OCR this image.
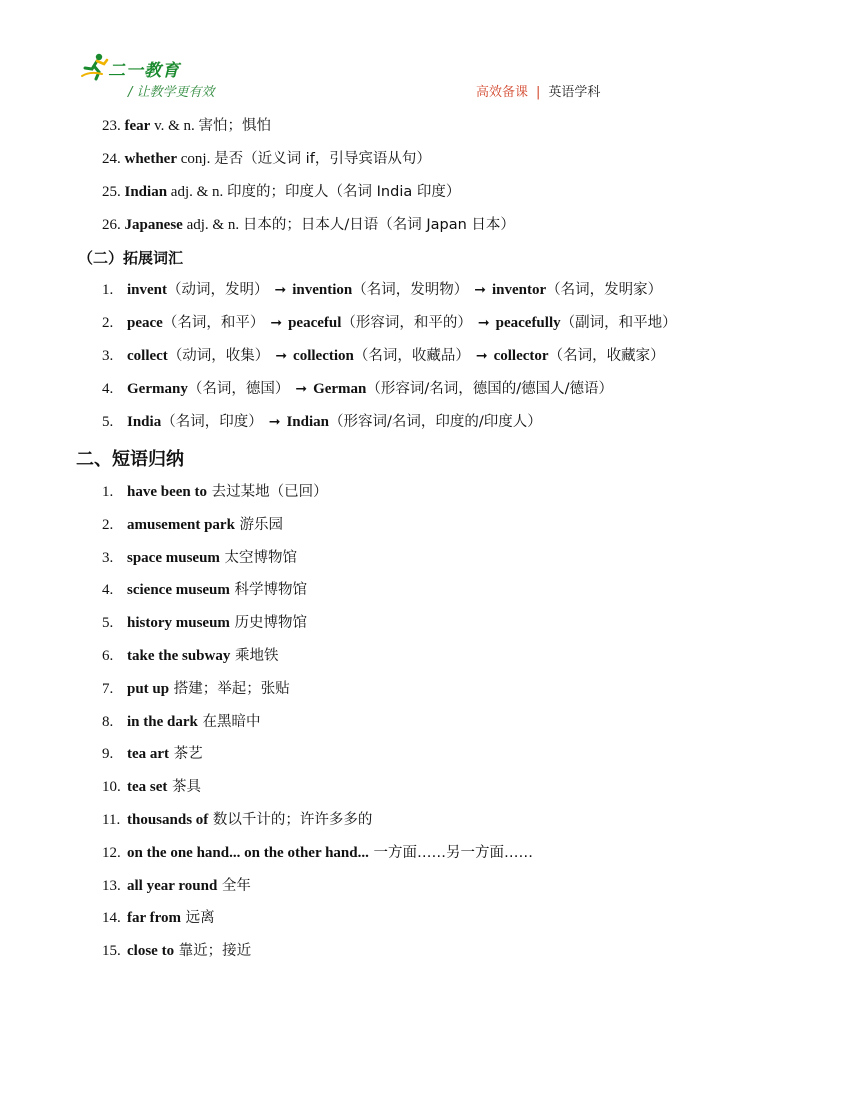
二一教育
/ 让教学更有效	高效备课 | 英语学科
23. fear v. & n. 害怕；惧怕
24. whether conj. 是否（近义词 if，引导宾语从句）
25. Indian adj. & n. 印度的；印度人（名词 India 印度）
26. Japanese adj. & n. 日本的；日本人/日语（名词 Japan 日本）
（二）拓展词汇
1. invent（动词，发明） ➞ invention（名词，发明物） ➞ inventor（名词，发明家）
2. peace（名词，和平） ➞ peaceful（形容词，和平的） ➞ peacefully（副词，和平地）
3. collect（动词，收集） ➞ collection（名词，收藏品） ➞ collector（名词，收藏家）
4. Germany（名词，德国） ➞ German（形容词/名词，德国的/德国人/德语）
5. India（名词，印度） ➞ Indian（形容词/名词，印度的/印度人）
二、短语归纳
1. have been to 去过某地（已回）
2. amusement park 游乐园
3. space museum 太空博物馆
4. science museum 科学博物馆
5. history museum 历史博物馆
6. take the subway 乘地铁
7. put up 搭建；举起；张贴
8. in the dark 在黑暗中
9. tea art 茶艺
10. tea set 茶具
11. thousands of 数以千计的；许许多多的
12. on the one hand... on the other hand... 一方面……另一方面……
13. all year round 全年
14. far from 远离
15. close to 靠近；接近
